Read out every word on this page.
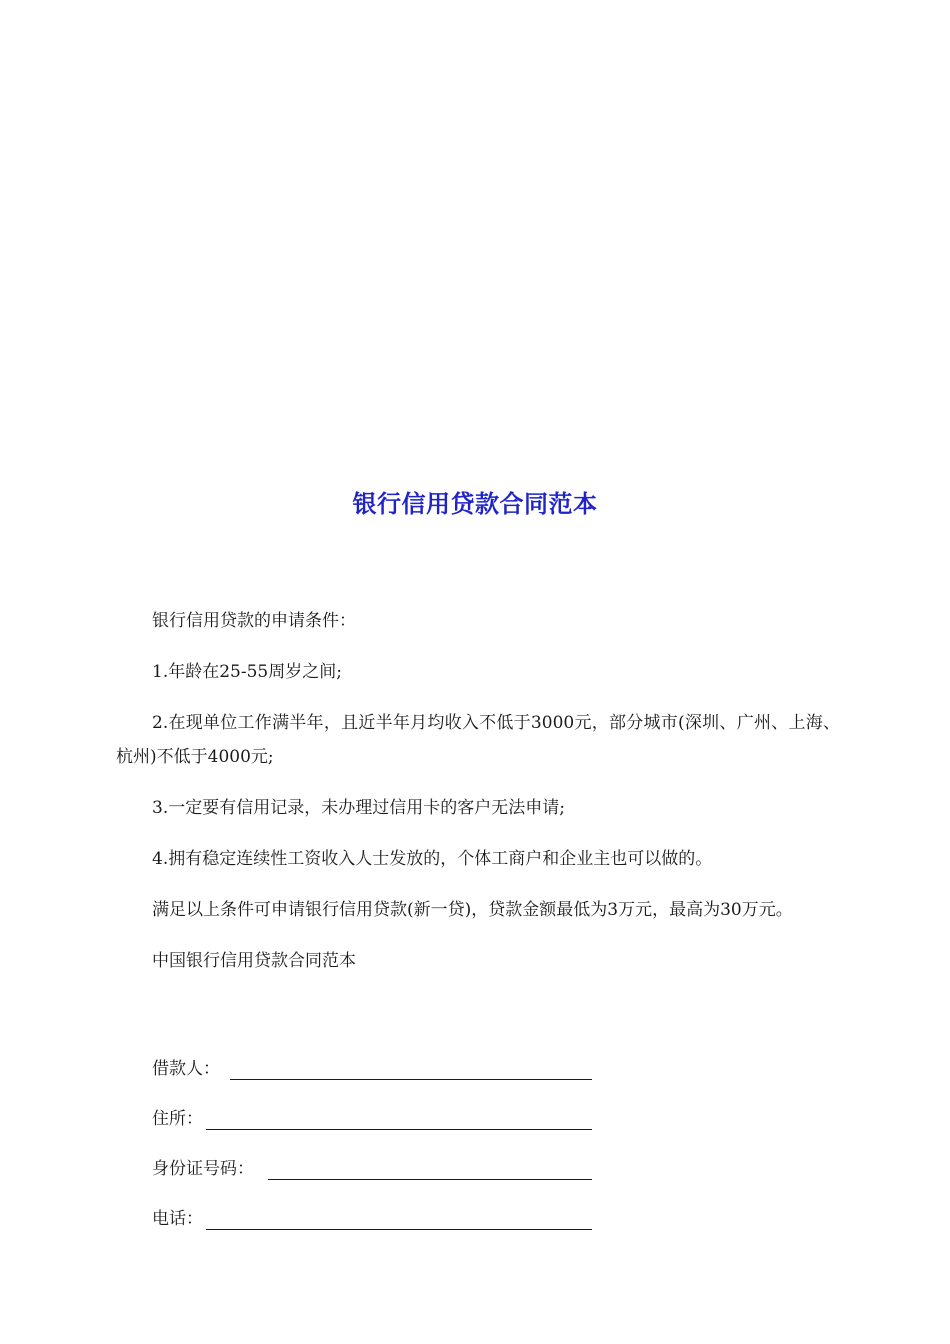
银行信用贷款合同范本

银行信用贷款的申请条件：

1.年龄在25-55周岁之间;

2.在现单位工作满半年，且近半年月均收入不低于3000元，部分城市(深圳、广州、上海、杭州)不低于4000元;

3.一定要有信用记录，未办理过信用卡的客户无法申请;

4.拥有稳定连续性工资收入人士发放的，个体工商户和企业主也可以做的。

满足以上条件可申请银行信用贷款(新一贷)，贷款金额最低为3万元，最高为30万元。

中国银行信用贷款合同范本

借款人：
住所：
身份证号码：
电话：
